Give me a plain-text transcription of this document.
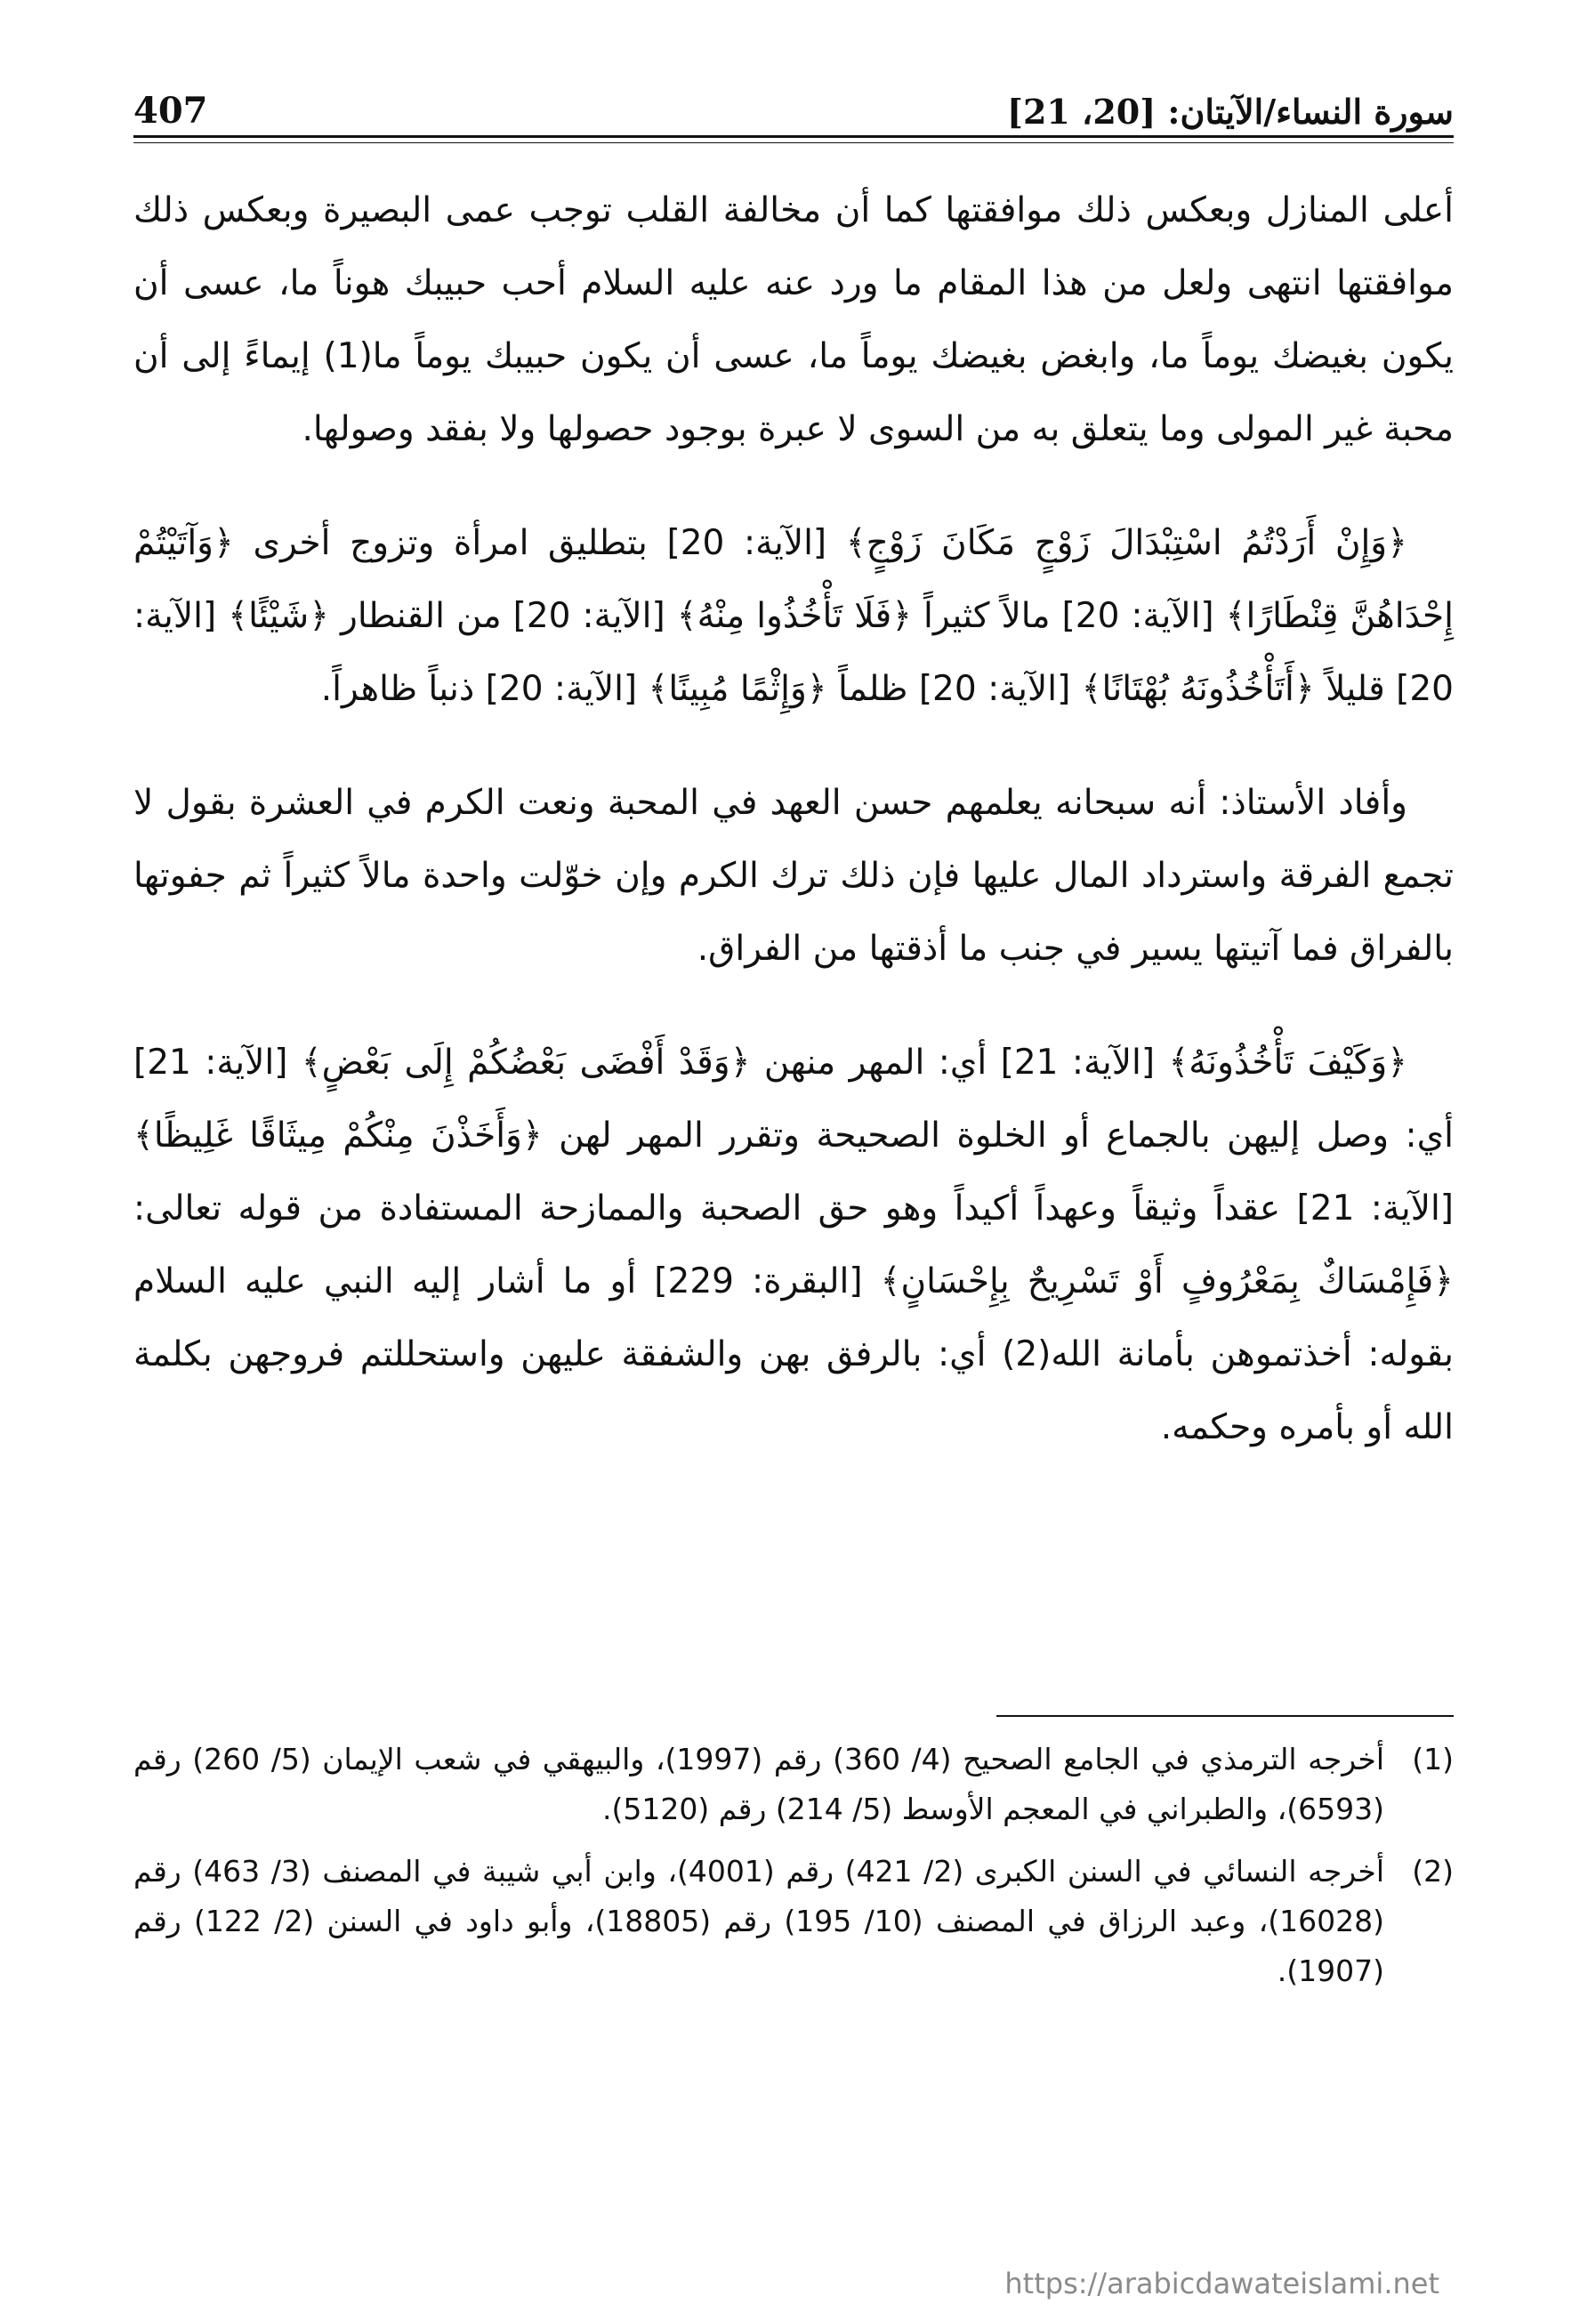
سورة النساء/الآيتان: [20، 21]
407

أعلى المنازل وبعكس ذلك موافقتها كما أن مخالفة القلب توجب عمى البصيرة وبعكس ذلك موافقتها انتهى ولعل من هذا المقام ما ورد عنه عليه السلام أحب حبيبك هوناً ما، عسى أن يكون بغيضك يوماً ما، وابغض بغيضك يوماً ما، عسى أن يكون حبيبك يوماً ما(1) إيماءً إلى أن محبة غير المولى وما يتعلق به من السوى لا عبرة بوجود حصولها ولا بفقد وصولها.

﴿وَإِنْ أَرَدْتُمُ اسْتِبْدَالَ زَوْجٍ مَكَانَ زَوْجٍ﴾ [الآية: 20] بتطليق امرأة وتزوج أخرى ﴿وَآتَيْتُمْ إِحْدَاهُنَّ قِنْطَارًا﴾ [الآية: 20] مالاً كثيراً ﴿فَلَا تَأْخُذُوا مِنْهُ﴾ [الآية: 20] من القنطار ﴿شَيْئًا﴾ [الآية: 20] قليلاً ﴿أَتَأْخُذُونَهُ بُهْتَانًا﴾ [الآية: 20] ظلماً ﴿وَإِثْمًا مُبِينًا﴾ [الآية: 20] ذنباً ظاهراً.

وأفاد الأستاذ: أنه سبحانه يعلمهم حسن العهد في المحبة ونعت الكرم في العشرة بقول لا تجمع الفرقة واسترداد المال عليها فإن ذلك ترك الكرم وإن خوّلت واحدة مالاً كثيراً ثم جفوتها بالفراق فما آتيتها يسير في جنب ما أذقتها من الفراق.

﴿وَكَيْفَ تَأْخُذُونَهُ﴾ [الآية: 21] أي: المهر منهن ﴿وَقَدْ أَفْضَى بَعْضُكُمْ إِلَى بَعْضٍ﴾ [الآية: 21] أي: وصل إليهن بالجماع أو الخلوة الصحيحة وتقرر المهر لهن ﴿وَأَخَذْنَ مِنْكُمْ مِيثَاقًا غَلِيظًا﴾ [الآية: 21] عقداً وثيقاً وعهداً أكيداً وهو حق الصحبة والممازحة المستفادة من قوله تعالى: ﴿فَإِمْسَاكٌ بِمَعْرُوفٍ أَوْ تَسْرِيحٌ بِإِحْسَانٍ﴾ [البقرة: 229] أو ما أشار إليه النبي عليه السلام بقوله: أخذتموهن بأمانة الله(2) أي: بالرفق بهن والشفقة عليهن واستحللتم فروجهن بكلمة الله أو بأمره وحكمه.

(1)
أخرجه الترمذي في الجامع الصحيح (4/ 360) رقم (1997)، والبيهقي في شعب الإيمان (5/ 260) رقم (6593)، والطبراني في المعجم الأوسط (5/ 214) رقم (5120).
(2)
أخرجه النسائي في السنن الكبرى (2/ 421) رقم (4001)، وابن أبي شيبة في المصنف (3/ 463) رقم (16028)، وعبد الرزاق في المصنف (10/ 195) رقم (18805)، وأبو داود في السنن (2/ 122) رقم (1907).
https://arabicdawateislami.net
